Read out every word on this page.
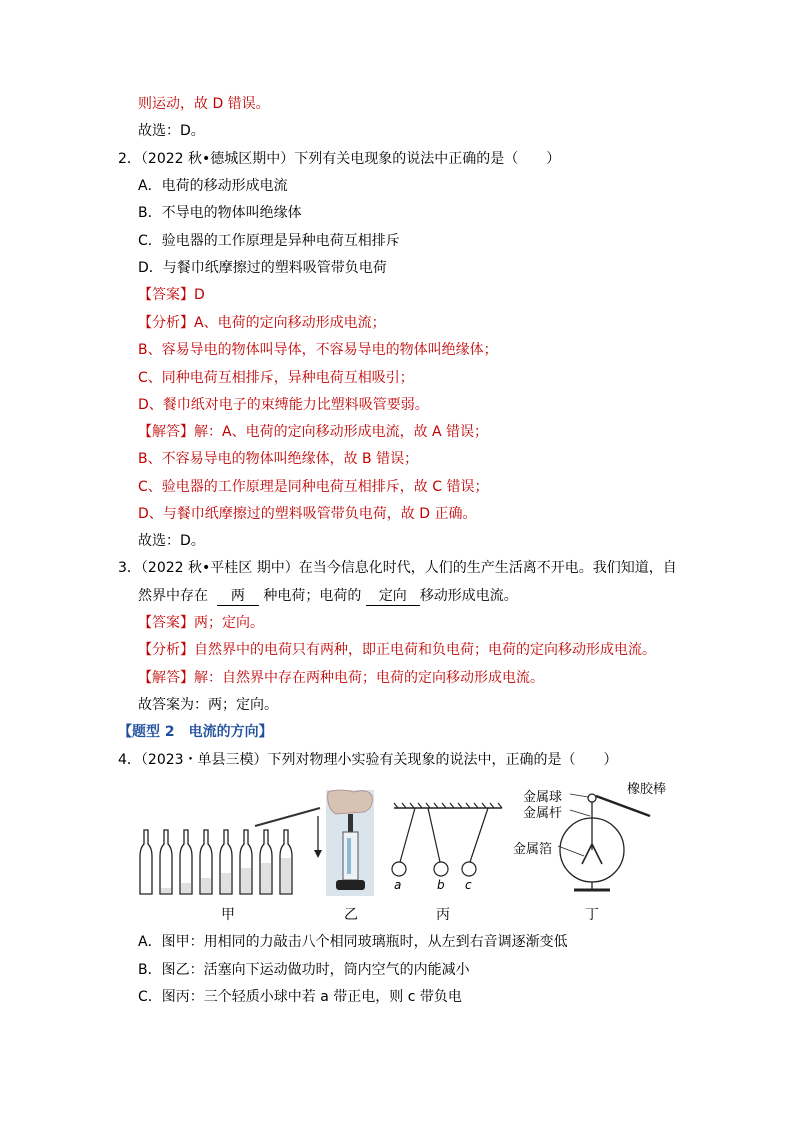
则运动，故 D 错误。
故选：D。
2．（2022 秋•德城区期中）下列有关电现象的说法中正确的是（　　）
A．电荷的移动形成电流
B．不导电的物体叫绝缘体
C．验电器的工作原理是异种电荷互相排斥
D．与餐巾纸摩擦过的塑料吸管带负电荷
【答案】D
【分析】A、电荷的定向移动形成电流；
B、容易导电的物体叫导体，不容易导电的物体叫绝缘体；
C、同种电荷互相排斥，异种电荷互相吸引；
D、餐巾纸对电子的束缚能力比塑料吸管要弱。
【解答】解：A、电荷的定向移动形成电流，故 A 错误；
B、不容易导电的物体叫绝缘体，故 B 错误；
C、验电器的工作原理是同种电荷互相排斥，故 C 错误；
D、与餐巾纸摩擦过的塑料吸管带负电荷，故 D 正确。
故选：D。
3．（2022 秋•平桂区 期中）在当今信息化时代，人们的生产生活离不开电。我们知道，自
然界中存在 两 种电荷；电荷的 定向 移动形成电流。
【答案】两；定向。
【分析】自然界中的电荷只有两种，即正电荷和负电荷；电荷的定向移动形成电流。
【解答】解：自然界中存在两种电荷；电荷的定向移动形成电流。
故答案为：两；定向。
【题型 2　电流的方向】
4．（2023・单县三模）下列对物理小实验有关现象的说法中，正确的是（　　）
甲	乙	丙	丁
a	b c
金属球
金属杆
金属箔
橡胶棒
A．图甲：用相同的力敲击八个相同玻璃瓶时，从左到右音调逐渐变低
B．图乙：活塞向下运动做功时，筒内空气的内能减小
C．图丙：三个轻质小球中若 a 带正电，则 c 带负电
